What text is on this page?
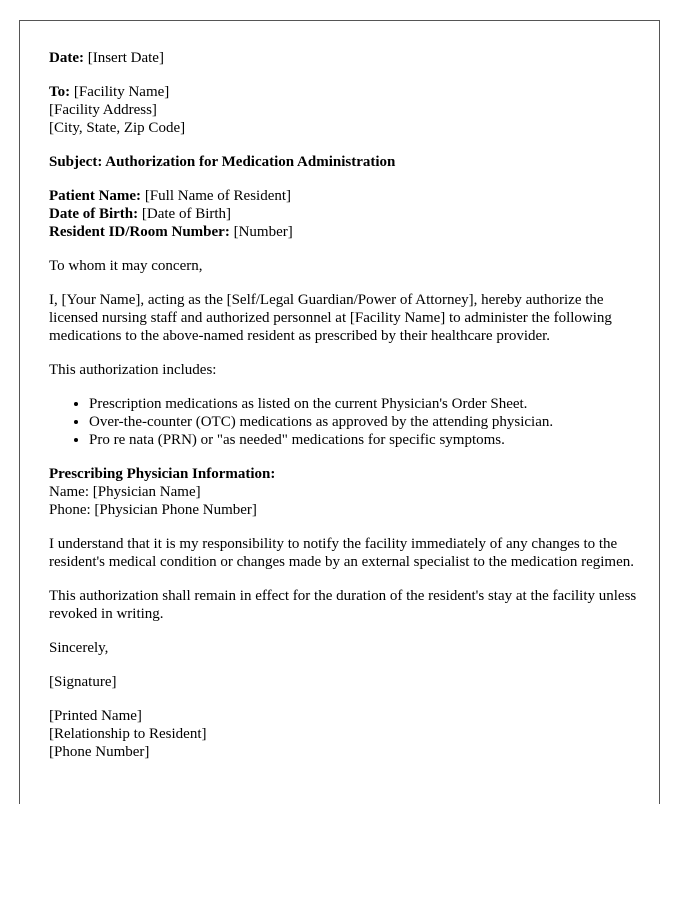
Date: [Insert Date]

To: [Facility Name]
[Facility Address]
[City, State, Zip Code]

Subject: Authorization for Medication Administration

Patient Name: [Full Name of Resident]
Date of Birth: [Date of Birth]
Resident ID/Room Number: [Number]

To whom it may concern,

I, [Your Name], acting as the [Self/Legal Guardian/Power of Attorney], hereby authorize the licensed nursing staff and authorized personnel at [Facility Name] to administer the following medications to the above-named resident as prescribed by their healthcare provider.

This authorization includes:

• Prescription medications as listed on the current Physician's Order Sheet.
• Over-the-counter (OTC) medications as approved by the attending physician.
• Pro re nata (PRN) or "as needed" medications for specific symptoms.

Prescribing Physician Information:
Name: [Physician Name]
Phone: [Physician Phone Number]

I understand that it is my responsibility to notify the facility immediately of any changes to the resident's medical condition or changes made by an external specialist to the medication regimen.

This authorization shall remain in effect for the duration of the resident's stay at the facility unless revoked in writing.

Sincerely,

[Signature]

[Printed Name]
[Relationship to Resident]
[Phone Number]
